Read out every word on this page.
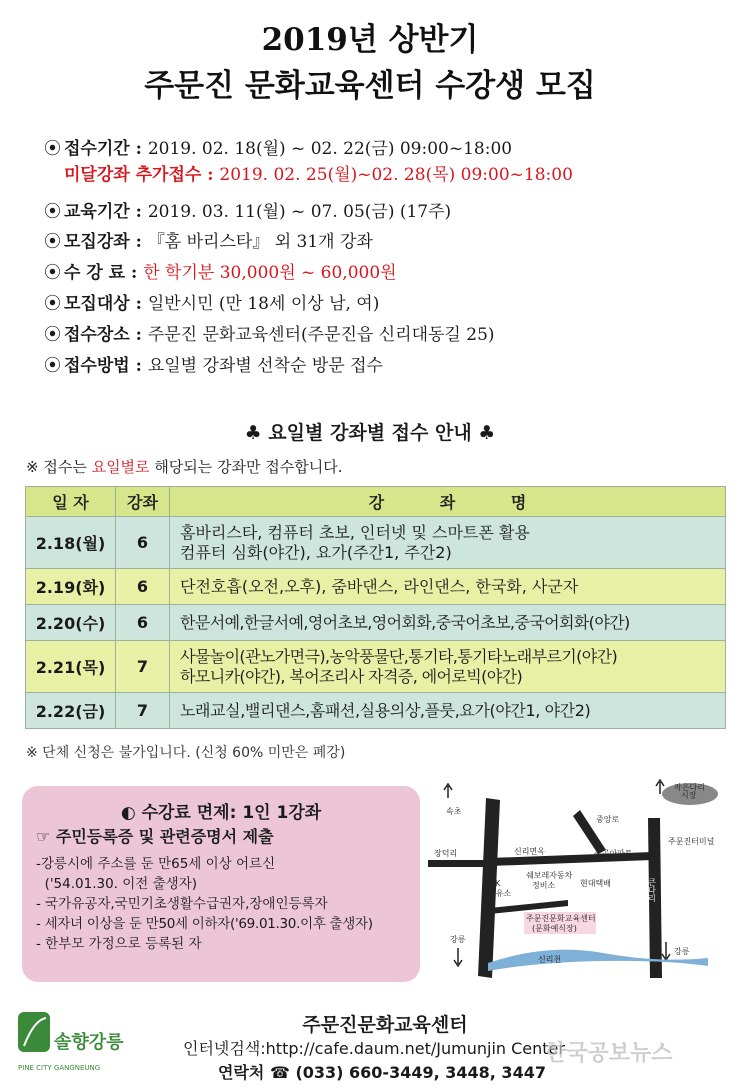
2019년 상반기
주문진 문화교육센터 수강생 모집
⦿ 접수기간 : 2019. 02. 18(월) ~ 02. 22(금) 09:00~18:00
미달강좌 추가접수 : 2019. 02. 25(월)~02. 28(목) 09:00~18:00
⦿ 교육기간 : 2019. 03. 11(월) ~ 07. 05(금) (17주)
⦿ 모집강좌 : 『홈 바리스타』 외 31개 강좌
⦿ 수 강 료 : 한 학기분 30,000원 ~ 60,000원
⦿ 모집대상 : 일반시민 (만 18세 이상 남, 여)
⦿ 접수장소 : 주문진 문화교육센터(주문진읍 신리대동길 25)
⦿ 접수방법 : 요일별 강좌별 선착순 방문 접수
♣ 요일별 강좌별 접수 안내 ♣
※ 접수는 요일별로 해당되는 강좌만 접수합니다.
일 자	강좌	강          좌          명
2.18(월)	6	홈바리스타, 컴퓨터 초보, 인터넷 및 스마트폰 활용
컴퓨터 심화(야간), 요가(주간1, 주간2)

2.19(화)	6	단전호흡(오전,오후), 줌바댄스, 라인댄스, 한국화, 사군자

2.20(수)	6	한문서예,한글서예,영어초보,영어회화,중국어초보,중국어회화(야간)

2.21(목)	7	사물놀이(관노가면극),농악풍물단,통기타,통기타노래부르기(야간)
하모니카(야간), 복어조리사 자격증, 에어로빅(야간)

2.22(금)	7	노래교실,밸리댄스,홈패션,실용의상,플룻,요가(야간1, 야간2)
※ 단체 신청은 불가입니다. (신청 60% 미만은 폐강)
◐ 수강료 면제: 1인 1강좌
☞ 주민등록증 및 관련증명서 제출
-강릉시에 주소를 둔 만65세 이상 어르신
('54.01.30. 이전 출생자)
- 국가유공자,국민기초생활수급권자,장애인등록자
- 세자녀 이상을 둔 만50세 이하자('69.01.30.이후 출생자)
- 한부모 가정으로 등록된 자
속초
장덕리	신리면옥
중앙로
주공아파트
작은다리
시장
주문진터미널
SK
주유소
쉐보레자동차
정비소	현대택배
주문진문화교육센터
(문화예식장)
국도	큰다리
강릉
강릉
신리천
솔향강릉
PINE CITY GANGNEUNG
주문진문화교육센터
인터넷검색:http://cafe.daum.net/Jumunjin Center
연락처 ☎ (033) 660-3449, 3448, 3447
한국공보뉴스
